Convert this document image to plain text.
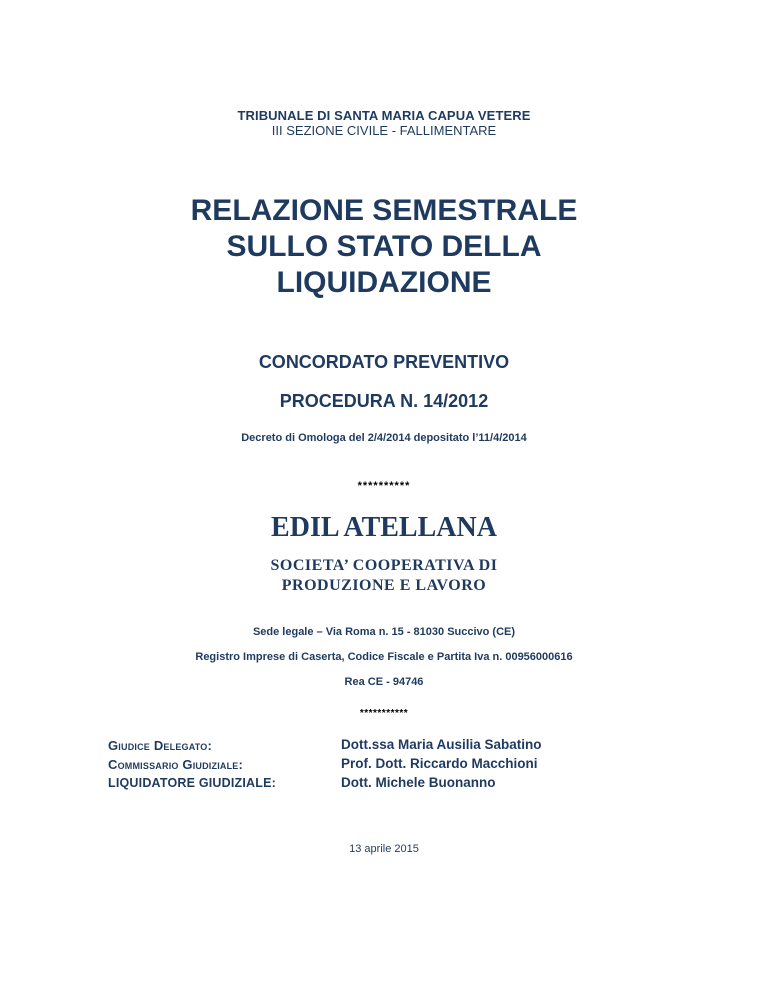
TRIBUNALE DI SANTA MARIA CAPUA VETERE
III SEZIONE CIVILE - FALLIMENTARE
RELAZIONE SEMESTRALE
SULLO STATO DELLA
LIQUIDAZIONE
CONCORDATO PREVENTIVO
PROCEDURA N. 14/2012
Decreto di Omologa del 2/4/2014 depositato l’11/4/2014
**********
EDIL ATELLANA
SOCIETA’ COOPERATIVA DI
PRODUZIONE E LAVORO
Sede legale – Via Roma n. 15 - 81030 Succivo (CE)
Registro Imprese di Caserta, Codice Fiscale e Partita Iva n. 00956000616
Rea CE - 94746
***********
Giudice Delegato:
Commissario Giudiziale:
LIQUIDATORE GIUDIZIALE:
Dott.ssa Maria Ausilia Sabatino
Prof. Dott. Riccardo Macchioni
Dott. Michele Buonanno
13 aprile 2015
